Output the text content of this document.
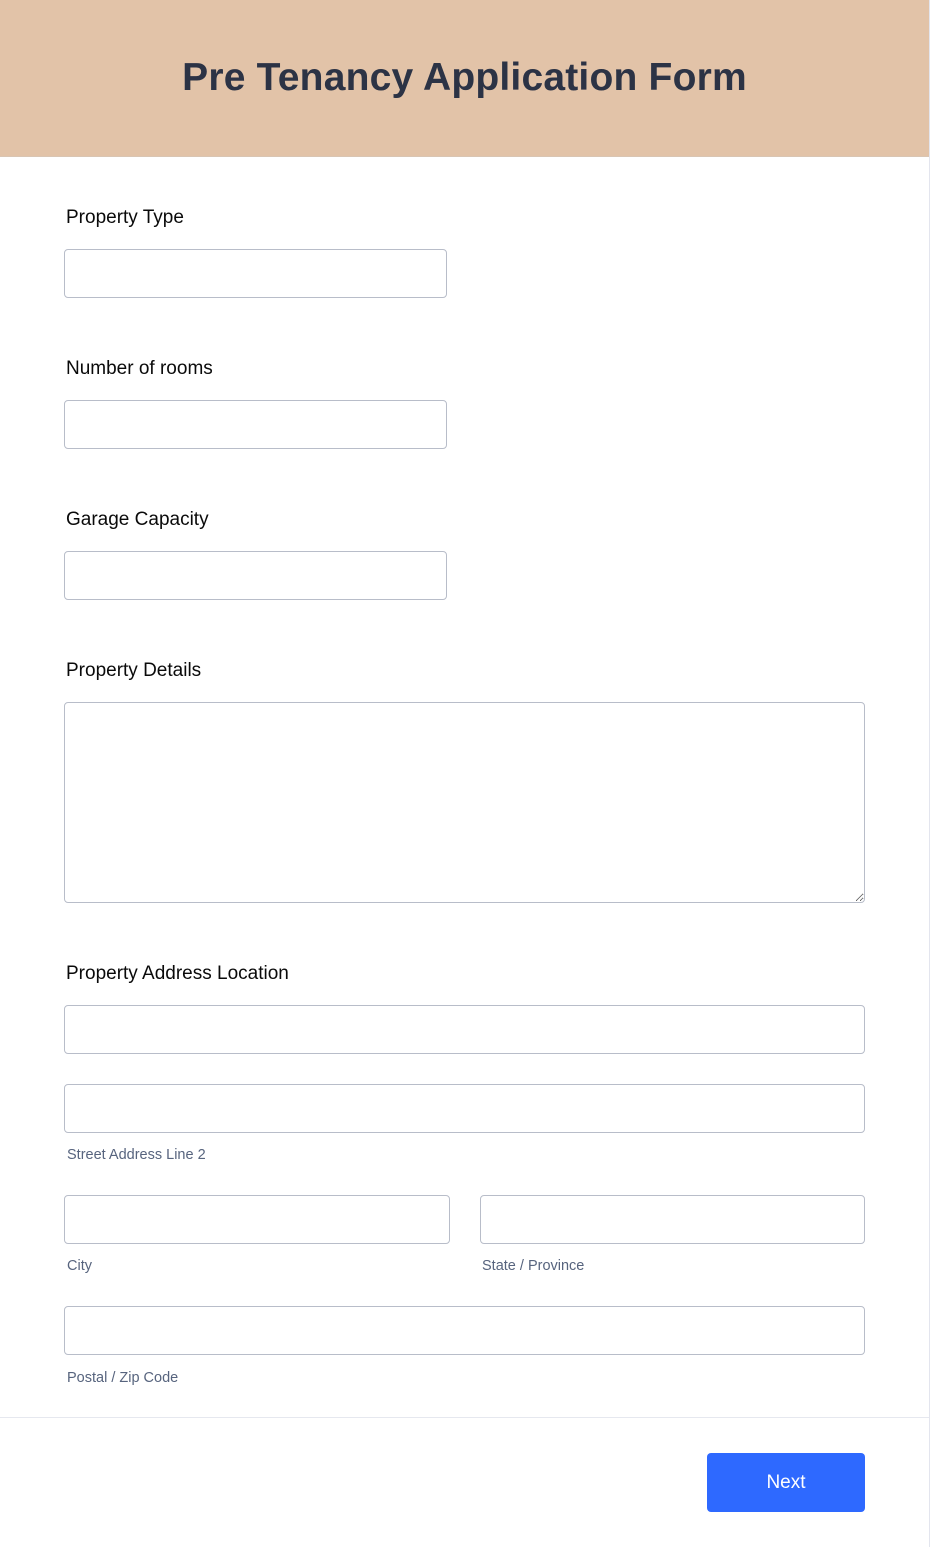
Pre Tenancy Application Form
Property Type
Number of rooms
Garage Capacity
Property Details
Property Address Location
Street Address Line 2
City	State / Province
Postal / Zip Code
Next
